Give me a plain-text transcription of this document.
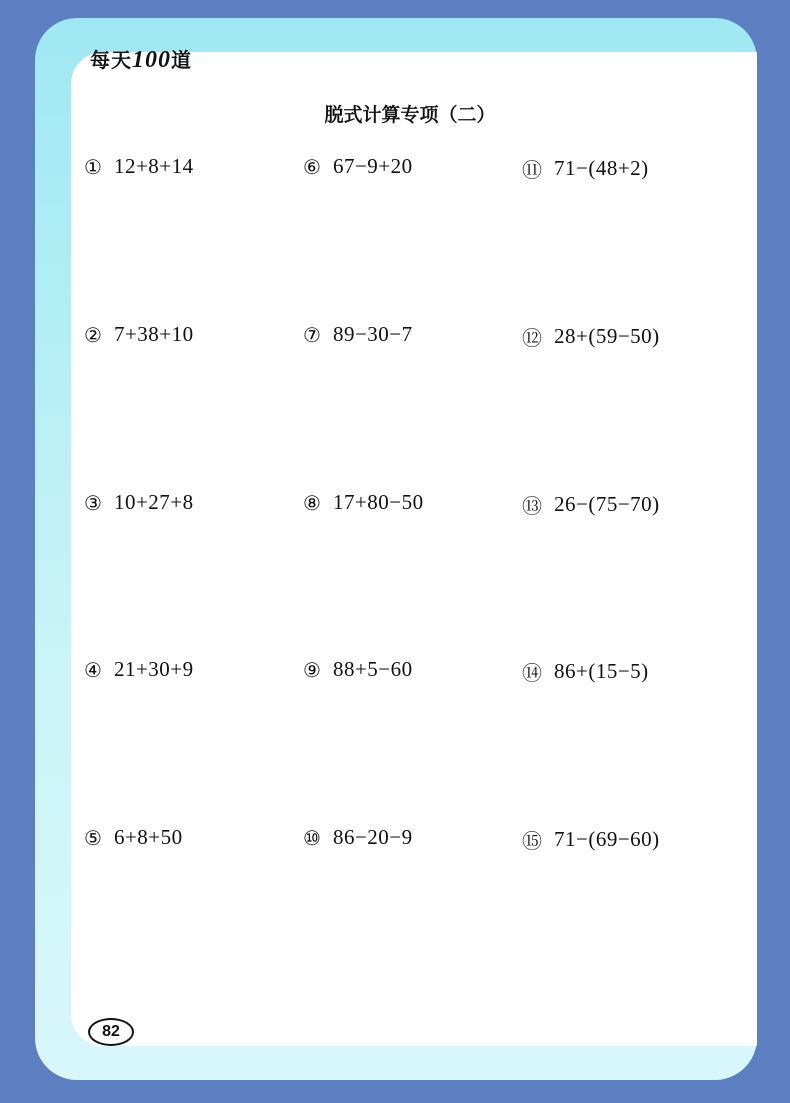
每天100道
脱式计算专项（二）
① 12+8+14
② 7+38+10
③ 10+27+8
④ 21+30+9
⑤ 6+8+50
⑥ 67−9+20
⑦ 89−30−7
⑧ 17+80−50
⑨ 88+5−60
⑩ 86−20−9
⑪ 71−(48+2)
⑫ 28+(59−50)
⑬ 26−(75−70)
⑭ 86+(15−5)
⑮ 71−(69−60)
82
